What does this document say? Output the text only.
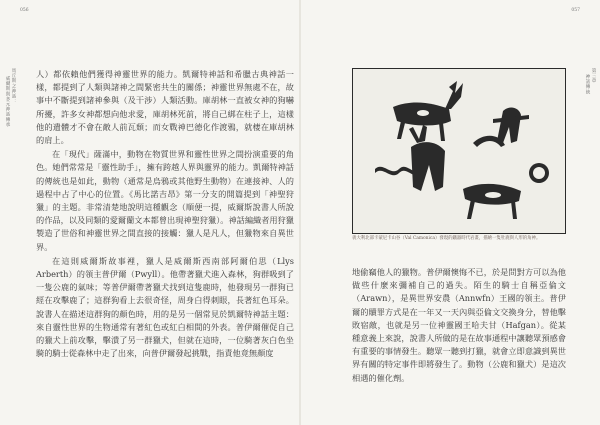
056
馬丘斯之神話：
威爾斯與多元神話傳承

人）都依賴他們獲得神靈世界的能力。凱爾特神話和希臘古典神話一樣，都提到了人類與諸神之間緊密共生的關係；神靈世界無處不在，故事中不斷提到諸神參與（及干涉）人類活動。庫胡林一直被女神的狗嚇所擾，許多女神都想向他求愛，庫胡林死前，將自己綁在柱子上，這樣他的遺體才不會在敵人前瓦頹；而女戰神巴德化作渡鴉，就棲在庫胡林的肩上。

在「現代」薩滿中，動物在物質世界和靈性世界之間扮演重要的角色。她們常常是「靈性助手」，擁有跨越人界與靈界的能力。凱爾特神話的傳統也是如此，動物（通常是烏鴉或其他野生動物）在連接神、人的過程中占了中心的位置。《馬比諾吉昂》第一分支的開篇提到「神聖狩獵」的主題。非常清楚地說明這種觀念（順便一提，威爾斯說書人所說的作品，以及同類的愛爾蘭文本都曾出現神聖狩獵）。神話編織者用狩獵製造了世俗和神靈世界之間直接的接觸：獵人是凡人，但獵物來自異世界。

在這則威爾斯故事裡，獵人是威爾斯西南部阿爾伯思（Llys Arberth）的領主普伊爾（Pwyll）。他帶著獵犬進入森林，狗群吸到了一隻公鹿的氣味；等普伊爾帶著獵犬找到這隻鹿時，他發現另一群狗已經在攻擊鹿了；這群狗看上去很奇怪，周身白得刺眼，長著紅色耳朵。說書人在描述這群狗的顏色時，用的是另一個常見於凱爾特神話主題：來自靈性世界的生物通常有著紅色或紅白相間的外表。普伊爾催促自己的獵犬上前攻擊，擊潰了另一群獵犬，但就在這時，一位騎著灰白色坐騎的騎士從森林中走了出來，向普伊爾發起挑戰，指責他竟無顏度

057
第三章
神話傳統
義大利北部卡蒙尼卡山谷（Val Camonica）發現的鐵器時代岩畫，描繪一隻牡鹿與人形的角神。

地偷竊他人的獵物。普伊爾懊悔不已，於是問對方可以為他做些什麼來彌補自己的過失。陌生的騎士自稱亞倫文（Arawn），是異世界安農（Annwfn）王國的領主。普伊爾的贖罪方式是在一年又一天內與亞倫文交換身分，替他擊敗宿敵，也就是另一位神靈國王哈夫甘（Hafgan）。從某種意義上來說，說書人所做的是在故事通程中讓聽眾預感會有重要的事情發生。聽眾一聽到打獵，就會立即意識到異世界有關的特定事件即將發生了。動物（公鹿和獵犬）是這次相遇的催化劑。
